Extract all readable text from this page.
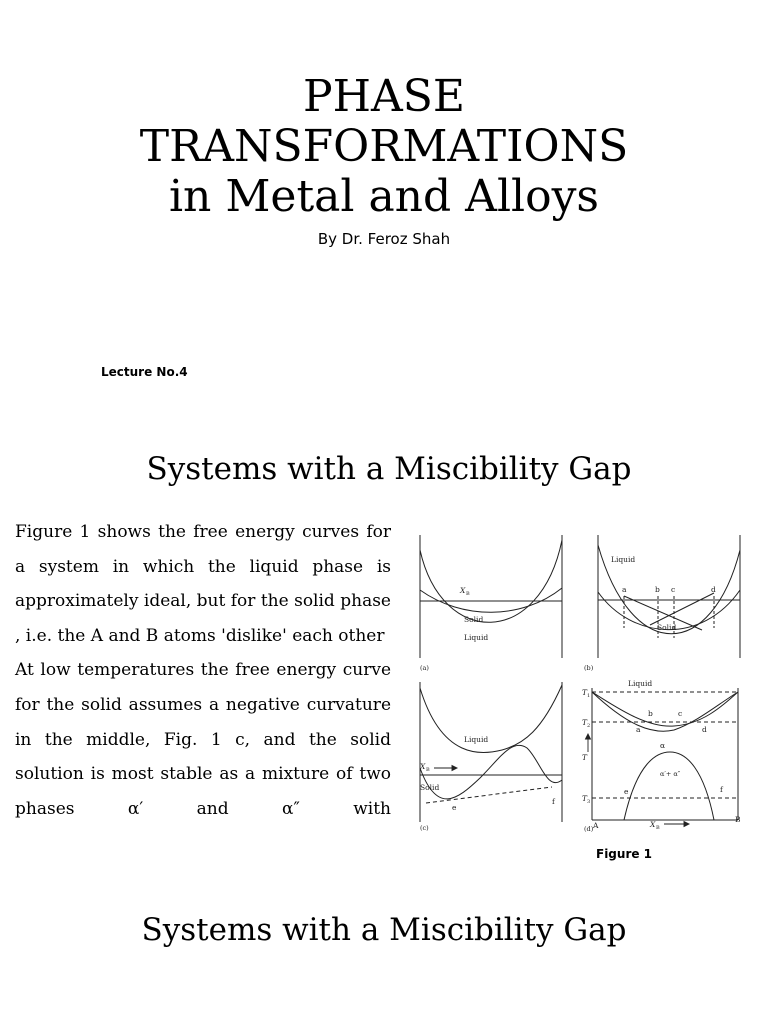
PHASE
TRANSFORMATIONS
in Metal and Alloys
By Dr. Feroz Shah
Lecture No.4
Systems with a Miscibility Gap

Figure 1 shows the free energy curves for a system in which the liquid phase is approximately ideal, but for the solid phase , i.e. the A and B atoms 'dislike' each other

At low temperatures the free energy curve for the solid assumes a negative curvature in the middle, Fig. 1 c, and the solid solution is most stable as a mixture of two phases α′ and α″ with

X B
Solid
Liquid
(a)
Liquid
a	b c	d
Solid
(b)
Liquid
X B
Solid
e
f
(c)
T 1
T 2
T
T 3
Liquid
a
b	c
d
α
α′+ α″
e	f
A
B
X B
(d)
Figure 1
Systems with a Miscibility Gap
